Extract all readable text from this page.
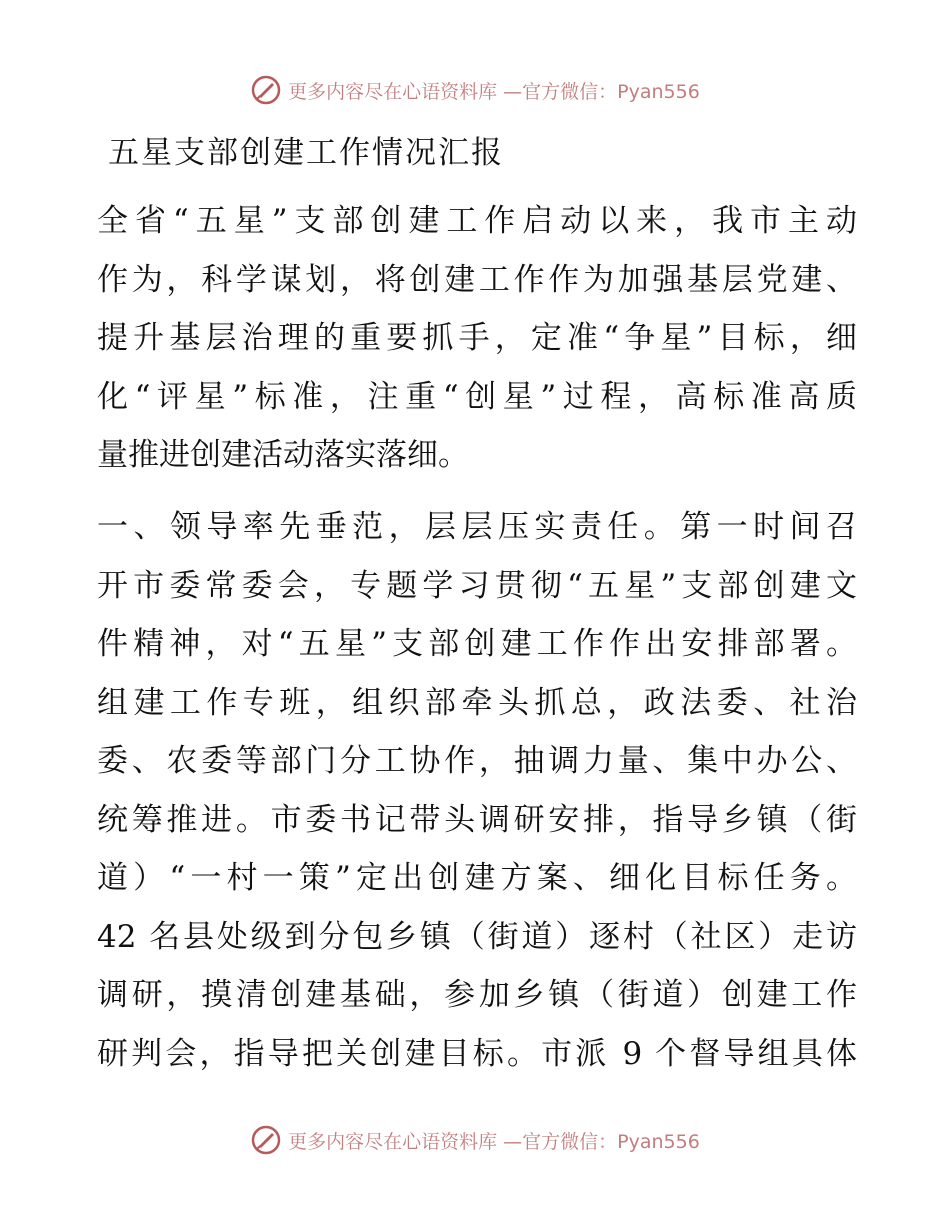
更多内容尽在心语资料库 —官方微信：Pyan556
五星支部创建工作情况汇报
全省“五星”支部创建工作启动以来，我市主动
作为，科学谋划，将创建工作作为加强基层党建、
提升基层治理的重要抓手，定准“争星”目标，细
化“评星”标准，注重“创星”过程，高标准高质
量推进创建活动落实落细。
一、领导率先垂范，层层压实责任。第一时间召
开市委常委会，专题学习贯彻“五星”支部创建文
件精神，对“五星”支部创建工作作出安排部署。
组建工作专班，组织部牵头抓总，政法委、社治
委、农委等部门分工协作，抽调力量、集中办公、
统筹推进。市委书记带头调研安排，指导乡镇（街
道）“一村一策”定出创建方案、细化目标任务。
42 名县处级到分包乡镇（街道）逐村（社区）走访
调研，摸清创建基础，参加乡镇（街道）创建工作
研判会，指导把关创建目标。市派 9 个督导组具体
更多内容尽在心语资料库 —官方微信：Pyan556
